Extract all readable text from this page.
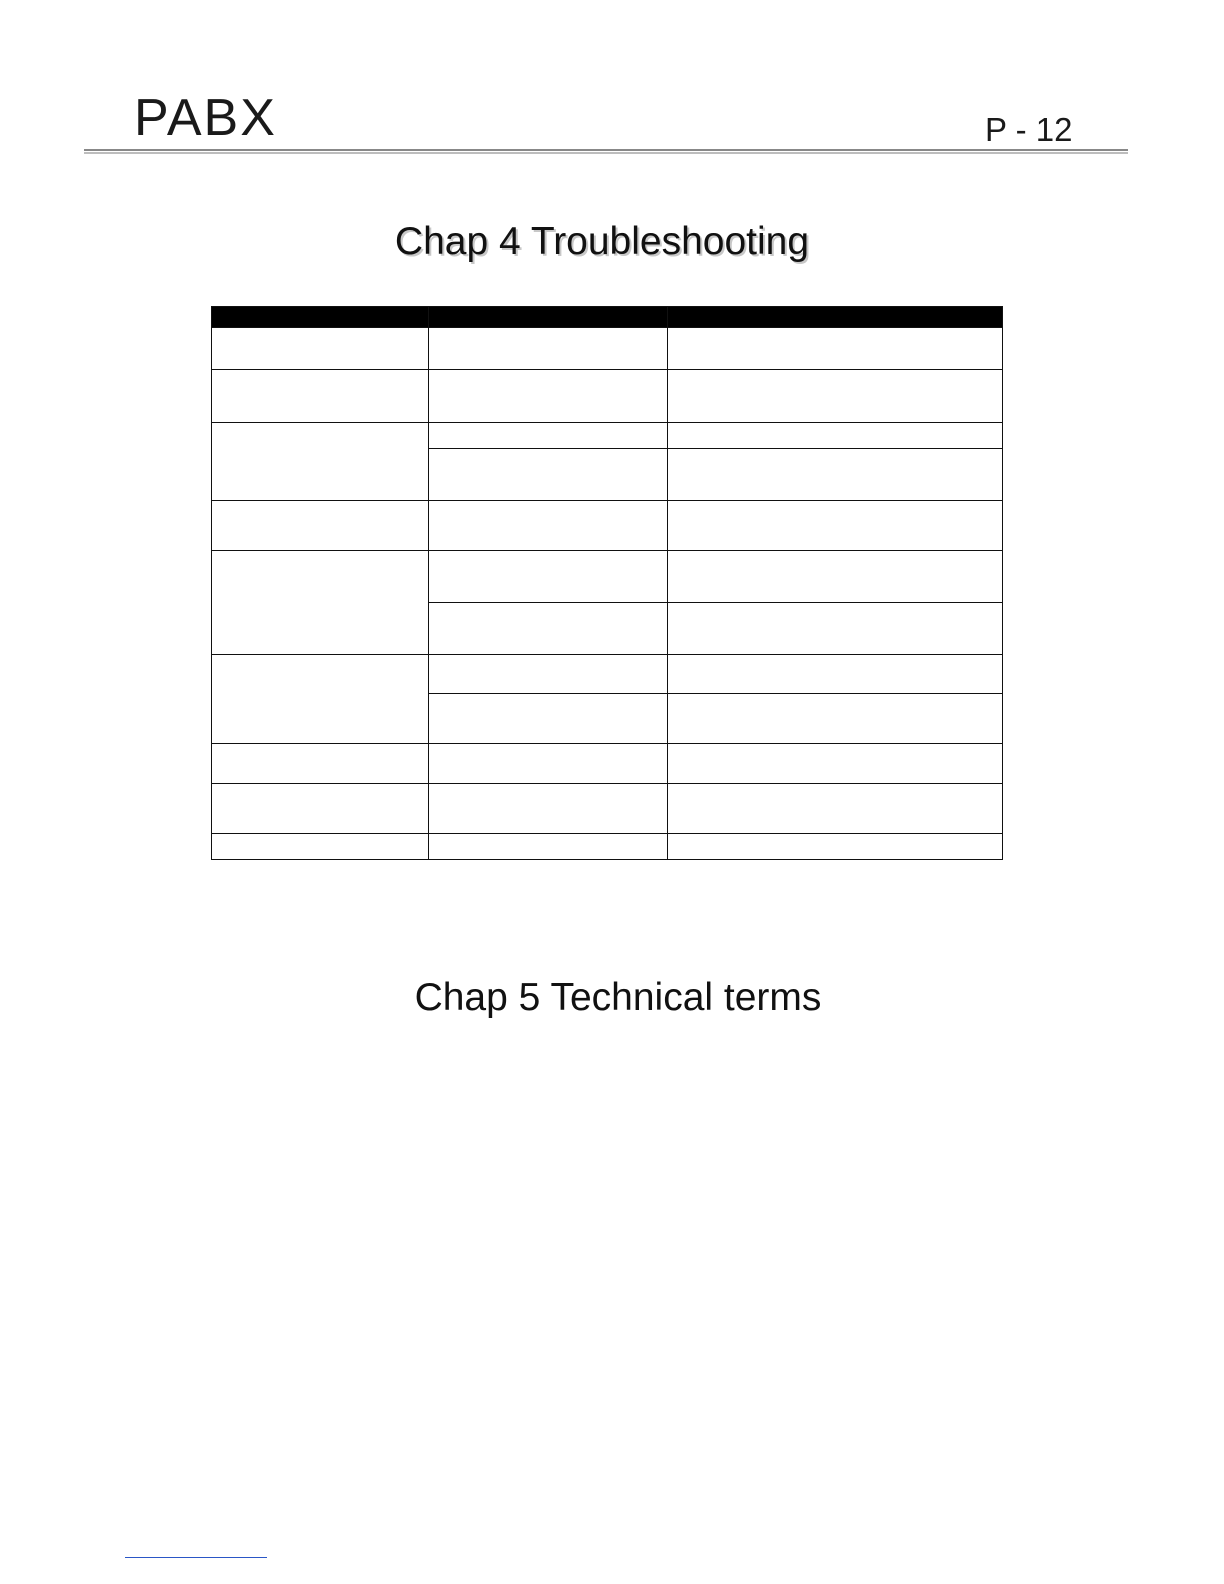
PABX	P - 12
Chap 4 Troubleshooting

Chap 5 Technical terms
